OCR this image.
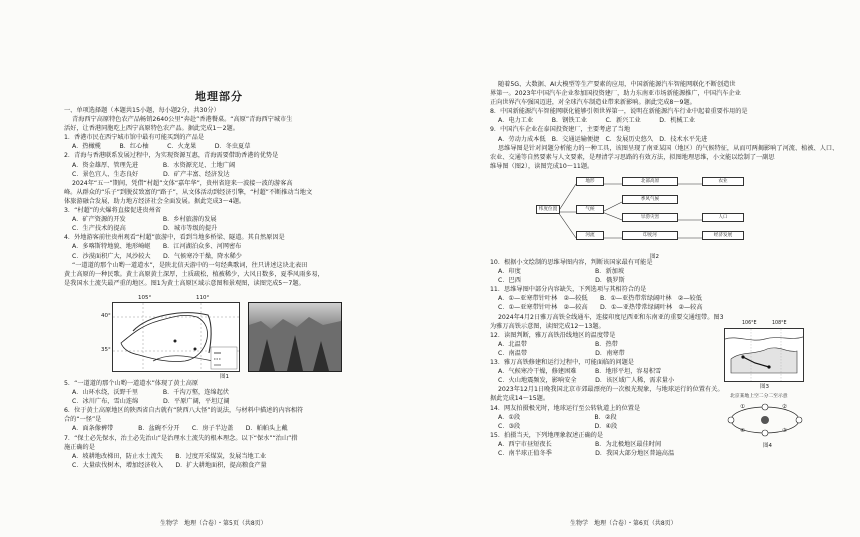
地理部分
一、单项选择题（本题共15小题，每小题2分，共30分）
青海西宁高原特色农产品畅销2640公里“奔赴”香港餐桌。“高原”青海西宁城市生
活好，让香港同胞吃上西宁高原特色农产品。据此完成1～2题。
1．香港市民在西宁城市馆中最有可能买到的产品是
A．热橄榄　　　B．红心柚　　　C．火龙果　　　D．冬虫夏草
2．青海与香港联系发展过程中，为实现资源互惠，青海需要借助香港的优势是
A．资金雄厚、管理先进　　　　B．水资源充足、土地广阔
C．景色宜人、生态良好　　　　D．矿产丰富、经济发达
2024年“五一”期间，凭借“村超”文体“嘉年华”，贵州省迎来一波接一波的游客高
峰。从群众的“乐子”到脱贫致富的“路子”，从文体活动到经济引擎，“村超”不断推动当地文
体旅游融合发展，助力地方经济社会全面发展。据此完成3～4题。
3．“村超”的火爆将直接促进贵州省
A．矿产资源的开发　　　　　　B．乡村旅游的发展
C．生产技术的提高　　　　　　D．城市等级的提升
4．外地游客前往贵州观看“村超”旅游中，看到当地多桥梁、隧道。其自然原因是
A．多喀斯特地貌、地形崎岖　　B．江河湖泊众多、河网密布
C．沙漠面积广大，风沙较大　　D．气候寒冷干燥，降水稀少
“一道道的那个山哟一道道水”，是陕北信天游中的一句经典歌词，往只讲述这块北表田
黄土高原的一种民歌。黄土高原黄土深厚，土质疏松，植被稀少，大风日数多，夏季风雨多易，
是我国水土流失最严重的地区。图1为黄土高原区域示意图和景观图，读图完成5～7题。
105°	110°
40°
35°
图1
5．“一道道的那个山哟一道道水”体现了黄土高原
A．山环水绕，沃野千里　　　　B．千沟万壑，连绵起伏
C．冰川广布，雪山连绵　　　　D．平原广阔，平坦辽阔
6．位于黄土高原地区的陕西省自古就有“陕西八大怪”的说法，与材料中描述的内容相符
合的“一怪”是
A．面条像裤带　　　　B．盆碗不分开　　C．房子半边盖　　D．帕帕头上戴
7．“保土必先保水，治土必先治山”是治理水土流失的根本理念。以下“保水”“治山”措
施正确的是
A．坡耕地改梯田，防止水土流失　　B．过度开采煤炭，发展当地工业
C．大量砍伐树木，增加经济收入　　D．扩大耕地面积，提高粮食产量
生物学　地理（合卷）・第5页（共8页）
随着5G、大数据、AI大模型等生产要素的应用，中国新能源汽车智能网联化不断创造世
界第一。2023年中国汽车企业参加国投资建厂，助力东南亚市场新能源推广，中国汽车企业
正向世界汽车强国迈进，对全球汽车制造业带来新影响。据此完成8～9题。
8．中国新能源汽车智能网联化能够引领世界第一，说明在新能源汽车行业中起着重要作用的是
A．电力工业　　　B．钢铁工业　　　C．新兴工业　　　D．机械工业
9．中国汽车企业在泰国投资建厂，主要考虑了当地
A．劳动力成本低　B．交通运输便捷　C．发展历史悠久　D．技术水平先进
思维导图是针对问题分析能力的一种工具，该图呈现了南亚某国（地区）的气候特征，从而可两揭影响了河流、植被、人口、
农业、交通等自然要素与人文要素，是理清学习思路的有效方法，拟图地理思维，小文能以绘制了一副思
维导图（图2），读图完成10～11题。
纬度位置
地形
气候
河流
北部高原
季风气候
旱涝灾害
印度河
农业
人口
经济发展
图2
10．根据小文绘制的思维导图内容，判断该国家最有可能是
A．印度　　　　　　　　　　　　B．新加坡
C．巴西　　　　　　　　　　　　D．俄罗斯
11．思维导图中部分内容缺失，下列选项与其相符合的是
A．①—亚寒带针叶林　②—较低　　B．①—亚热带常绿阔叶林　②—较低
C．①—亚寒带针叶林　②—较高　　D．①—亚热带常绿阔叶林　②—较高
2024年4月2日雅万高铁全线通车，连接印度尼西亚和东南亚的重要交通纽带。图3
为雅万高铁示意图，读图完成12～13题。
12．读图判断，雅万高铁沿线地区的温度带是
A．北温带　　　　　　　　　　　B．热带
C．南温带　　　　　　　　　　　D．南寒带
13．雅万高铁修建和运行过程中，可能面临的问题是
A．气候寒冷干燥，修建困难　　　B．地形平坦，容易积雪
C．火山地震频发，影响安全　　　D．该区域广人稀，需求量小
2023年12月1日晚我国北京市郊最漂亮的一次极光现象，与地球运行的位置有关。
据此完成14～15题。
14．网友拍摄极光时，地球运行至公转轨道上的位置是
A．①段　　　　　　　　　　　　B．②段
C．③段　　　　　　　　　　　　D．④段
15．拍摄当天，下列地理象叙述正确的是
A．西宁市昼短夜长　　　　　　　B．为北极地区最佳时间
C．南半球正值冬季　　　　　　　D．我国大部分地区普遍高温
106°E	108°E
图3
北京某地上空二分二至示意
①	②
③
④
图4
生物学　地理（合卷）・第6页（共8页）
